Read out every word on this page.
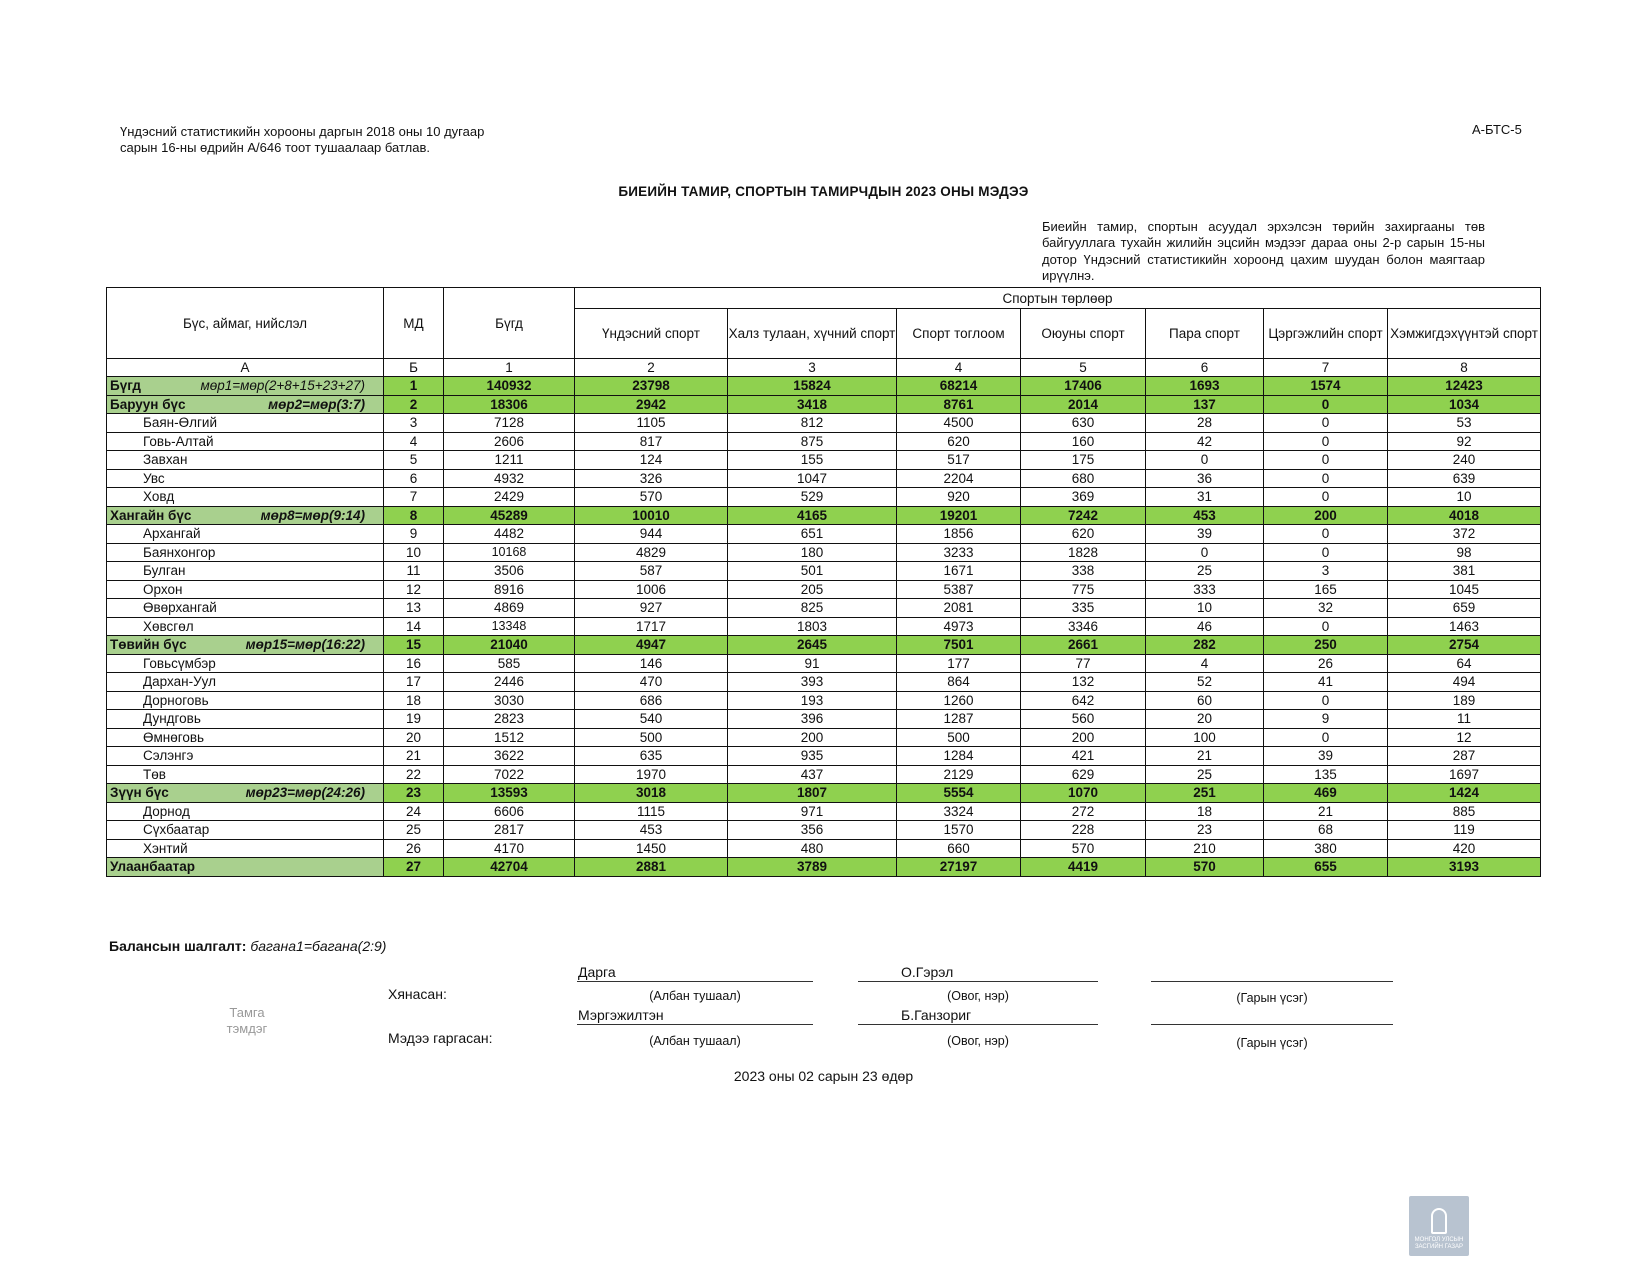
Үндэсний статистикийн хорооны даргын 2018 оны 10 дугаар
сарын 16-ны өдрийн А/646 тоот тушаалаар батлав.
А-БТС-5
БИЕИЙН ТАМИР, СПОРТЫН ТАМИРЧДЫН 2023 ОНЫ МЭДЭЭ
Биеийн тамир, спортын асуудал эрхэлсэн төрийн захиргааны төв байгууллага тухайн жилийн эцсийн мэдээг дараа оны 2-р сарын 15-ны дотор Үндэсний статистикийн хороонд цахим шуудан болон маягтаар ирүүлнэ.
Бүс, аймаг, нийслэл	МД	Бүгд	Спортын төрлөөр						
			Үндэсний спорт	Халз тулаан, хүчний спорт	Спорт тоглоом	Оюуны спорт	Пара спорт	Цэргэжлийн спорт	Хэмжигдэхүүнтэй спорт
А	Б	1	2	3	4	5	6	7	8
Бүгд мөр1=мөр(2+8+15+23+27)	1	140932	23798	15824	68214	17406	1693	1574	12423
Баруун бүс мөр2=мөр(3:7)	2	18306	2942	3418	8761	2014	137	0	1034
Баян-Өлгий	3	7128	1105	812	4500	630	28	0	53
Говь-Алтай	4	2606	817	875	620	160	42	0	92
Завхан	5	1211	124	155	517	175	0	0	240
Увс	6	4932	326	1047	2204	680	36	0	639
Ховд	7	2429	570	529	920	369	31	0	10
Хангайн бүс мөр8=мөр(9:14)	8	45289	10010	4165	19201	7242	453	200	4018
Архангай	9	4482	944	651	1856	620	39	0	372
Баянхонгор	10	10168	4829	180	3233	1828	0	0	98
Булган	11	3506	587	501	1671	338	25	3	381
Орхон	12	8916	1006	205	5387	775	333	165	1045
Өвөрхангай	13	4869	927	825	2081	335	10	32	659
Хөвсгөл	14	13348	1717	1803	4973	3346	46	0	1463
Төвийн бүс мөр15=мөр(16:22)	15	21040	4947	2645	7501	2661	282	250	2754
Говьсүмбэр	16	585	146	91	177	77	4	26	64
Дархан-Уул	17	2446	470	393	864	132	52	41	494
Дорноговь	18	3030	686	193	1260	642	60	0	189
Дундговь	19	2823	540	396	1287	560	20	9	11
Өмнөговь	20	1512	500	200	500	200	100	0	12
Сэлэнгэ	21	3622	635	935	1284	421	21	39	287
Төв	22	7022	1970	437	2129	629	25	135	1697
Зүүн бүс мөр23=мөр(24:26)	23	13593	3018	1807	5554	1070	251	469	1424
Дорнод	24	6606	1115	971	3324	272	18	21	885
Сүхбаатар	25	2817	453	356	1570	228	23	68	119
Хэнтий	26	4170	1450	480	660	570	210	380	420
Улаанбаатар	27	42704	2881	3789	27197	4419	570	655	3193
Балансын шалгалт: багана1=багана(2:9)
Тамга тэмдэг
Хянасан:
Дарга
(Албан тушаал)
О.Гэрэл
(Овог, нэр)	(Гарын үсэг)
Мэдээ гаргасан:
Мэргэжилтэн
(Албан тушаал)
Б.Ганзориг
(Овог, нэр)	(Гарын үсэг)
2023 оны 02 сарын 23 өдөр
МОНГОЛ УЛСЫН ЗАСГИЙН ГАЗАР
